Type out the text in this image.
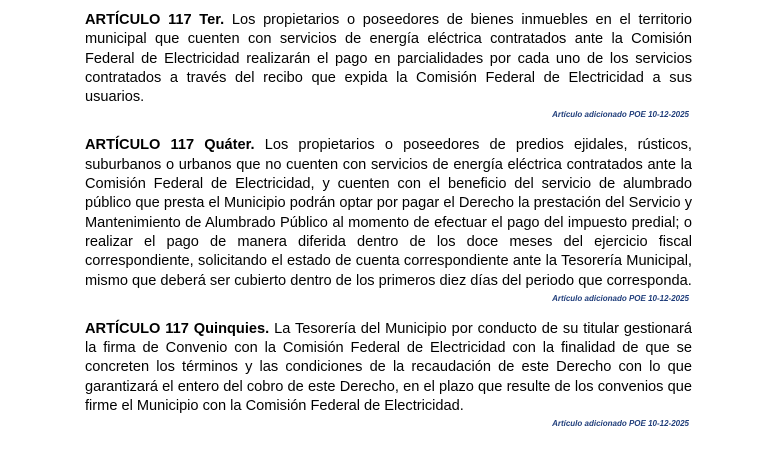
ARTÍCULO 117 Ter. Los propietarios o poseedores de bienes inmuebles en el territorio municipal que cuenten con servicios de energía eléctrica contratados ante la Comisión Federal de Electricidad realizarán el pago en parcialidades por cada uno de los servicios contratados a través del recibo que expida la Comisión Federal de Electricidad a sus usuarios.

Artículo adicionado POE 10-12-2025

ARTÍCULO 117 Quáter. Los propietarios o poseedores de predios ejidales, rústicos, suburbanos o urbanos que no cuenten con servicios de energía eléctrica contratados ante la Comisión Federal de Electricidad, y cuenten con el beneficio del servicio de alumbrado público que presta el Municipio podrán optar por pagar el Derecho la prestación del Servicio y Mantenimiento de Alumbrado Público al momento de efectuar el pago del impuesto predial; o realizar el pago de manera diferida dentro de los doce meses del ejercicio fiscal correspondiente, solicitando el estado de cuenta correspondiente ante la Tesorería Municipal, mismo que deberá ser cubierto dentro de los primeros diez días del periodo que corresponda.

Artículo adicionado POE 10-12-2025

ARTÍCULO 117 Quinquies. La Tesorería del Municipio por conducto de su titular gestionará la firma de Convenio con la Comisión Federal de Electricidad con la finalidad de que se concreten los términos y las condiciones de la recaudación de este Derecho con lo que garantizará el entero del cobro de este Derecho, en el plazo que resulte de los convenios que firme el Municipio con la Comisión Federal de Electricidad.

Artículo adicionado POE 10-12-2025
